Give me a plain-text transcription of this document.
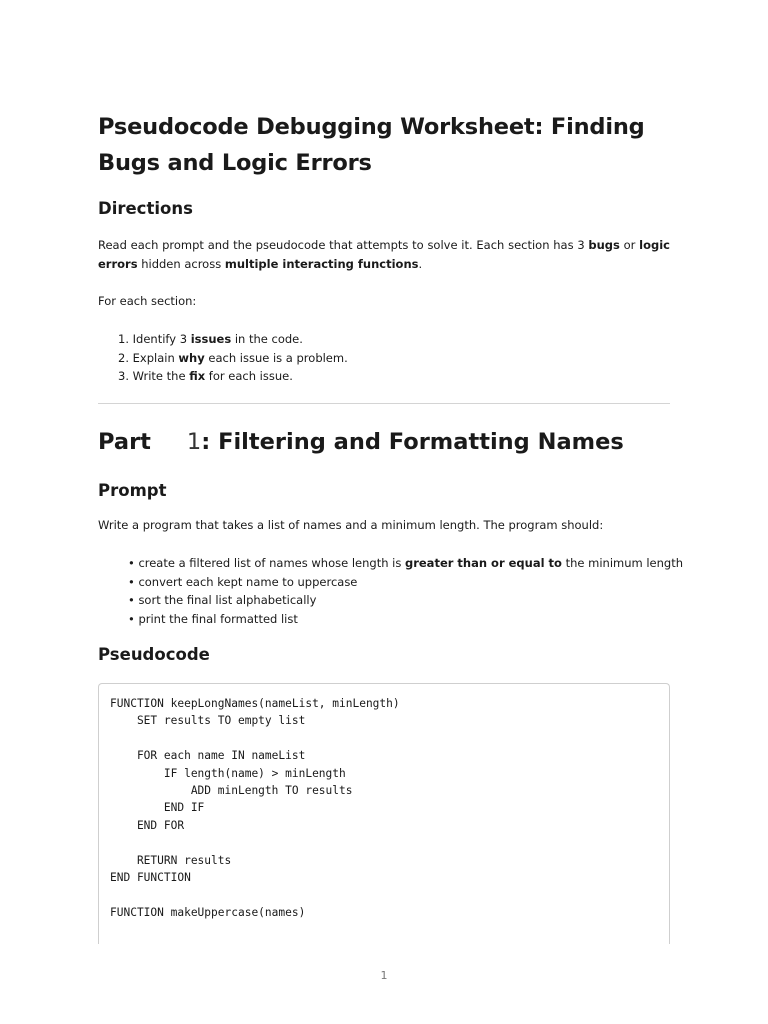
Pseudocode Debugging Worksheet: Finding Bugs and Logic Errors
Directions

Read each prompt and the pseudocode that attempts to solve it. Each section has 3 bugs or logic errors hidden across multiple interacting functions.

For each section:

1. Identify 3 issues in the code.
2. Explain why each issue is a problem.
3. Write the fix for each issue.
Part 1: Filtering and Formatting Names
Prompt

Write a program that takes a list of names and a minimum length. The program should:

• create a filtered list of names whose length is greater than or equal to the minimum length
• convert each kept name to uppercase
• sort the final list alphabetically
• print the final formatted list
Pseudocode
FUNCTION keepLongNames(nameList, minLength)
SET results TO empty list

FOR each name IN nameList
IF length(name) > minLength
ADD minLength TO results
END IF
END FOR

RETURN results
END FUNCTION

FUNCTION makeUppercase(names)

1
